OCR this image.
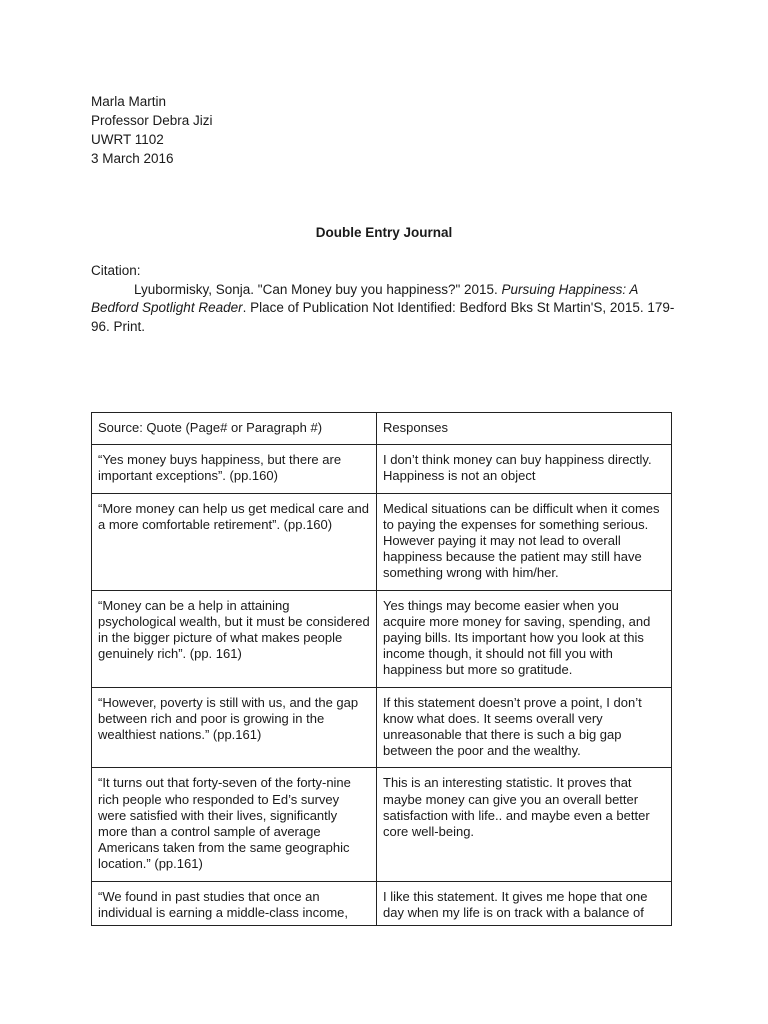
Marla Martin
Professor Debra Jizi
UWRT 1102
3 March 2016
Double Entry Journal
Citation:
Lyubormisky, Sonja. "Can Money buy you happiness?" 2015. Pursuing Happiness: A Bedford Spotlight Reader. Place of Publication Not Identified: Bedford Bks St Martin'S, 2015. 179-96. Print.
Source: Quote (Page# or Paragraph #)	Responses
“Yes money buys happiness, but there are important exceptions”. (pp.160)	I don’t think money can buy happiness directly. Happiness is not an object
“More money can help us get medical care and a more comfortable retirement”. (pp.160)	Medical situations can be difficult when it comes to paying the expenses for something serious. However paying it may not lead to overall happiness because the patient may still have something wrong with him/her.
“Money can be a help in attaining psychological wealth, but it must be considered in the bigger picture of what makes people genuinely rich”. (pp. 161)	Yes things may become easier when you acquire more money for saving, spending, and paying bills. Its important how you look at this income though, it should not fill you with happiness but more so gratitude.
“However, poverty is still with us, and the gap between rich and poor is growing in the wealthiest nations.” (pp.161)	If this statement doesn’t prove a point, I don’t know what does. It seems overall very unreasonable that there is such a big gap between the poor and the wealthy.
“It turns out that forty-seven of the forty-nine rich people who responded to Ed’s survey were satisfied with their lives, significantly more than a control sample of average Americans taken from the same geographic location.” (pp.161)	This is an interesting statistic. It proves that maybe money can give you an overall better satisfaction with life.. and maybe even a better core well-being.
“We found in past studies that once an individual is earning a middle-class income,	I like this statement. It gives me hope that one day when my life is on track with a balance of
